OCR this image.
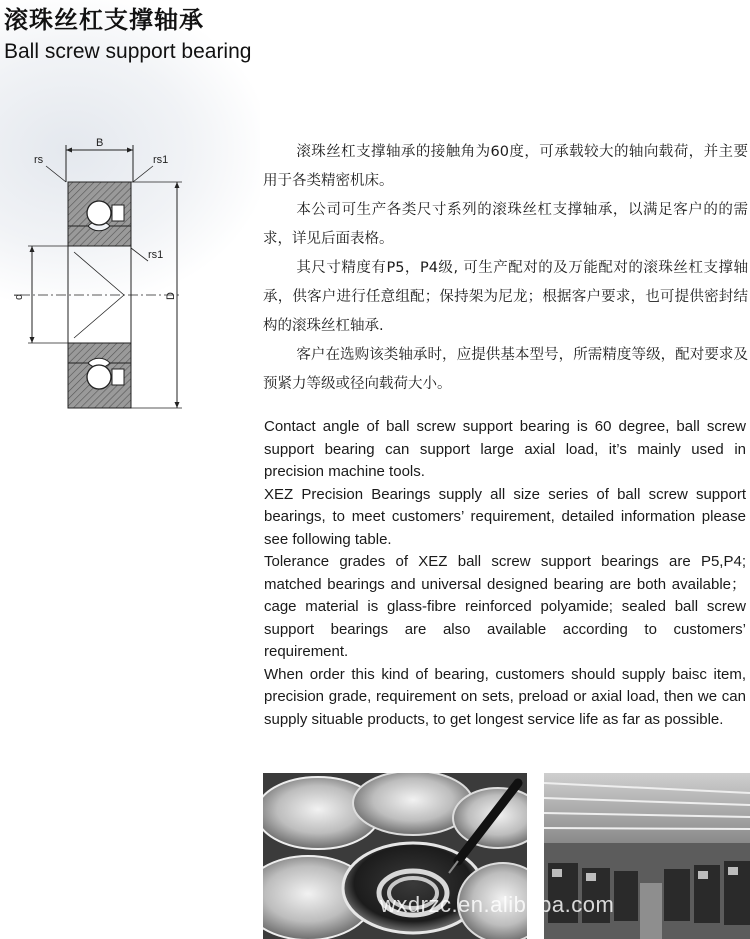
滚珠丝杠支撑轴承
Ball screw support bearing
B
rs	rs1
rs1
d	D

滚珠丝杠支撑轴承的接触角为60度，可承载较大的轴向载荷，并主要用于各类精密机床。

本公司可生产各类尺寸系列的滚珠丝杠支撑轴承，以满足客户的的需求，详见后面表格。

其尺寸精度有P5，P4级, 可生产配对的及万能配对的滚珠丝杠支撑轴承，供客户进行任意组配；保持架为尼龙；根据客户要求，也可提供密封结构的滚珠丝杠轴承.

客户在选购该类轴承时，应提供基本型号，所需精度等级，配对要求及预紧力等级或径向载荷大小。

Contact angle of ball screw support bearing is 60 degree, ball screw support bearing can support large axial load, it’s mainly used in precision machine tools.

XEZ Precision Bearings supply all size series of ball screw support bearings, to meet customers’ requirement, detailed information please see following table.

Tolerance grades of XEZ ball screw support bearings are P5,P4; matched bearings and universal designed bearing are both available；cage material is glass-fibre reinforced polyamide; sealed ball screw support bearings are also available according to customers’ requirement.

When order this kind of bearing, customers should supply baisc item, precision grade, requirement on sets, preload or axial load, then we can supply situable products, to get longest service life as far as possible.

wxdrzc.en.alibaba.com
